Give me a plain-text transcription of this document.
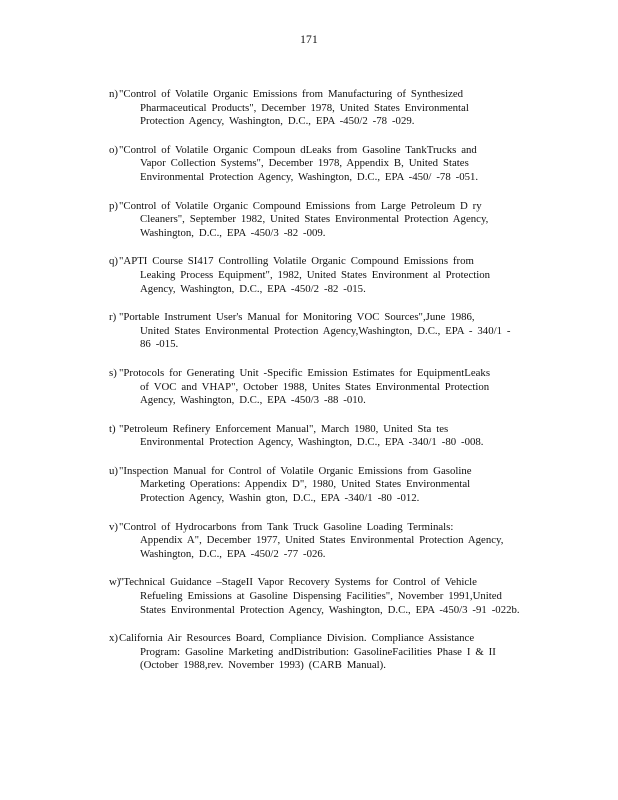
171
n) "Control of Volatile Organic Emissions from Manufacturing of Synthesized
Pharmaceutical Products", December 1978, United States Environmental
Protection Agency, Washington, D.C., EPA -450/2 -78 -029.
o) "Control of Volatile Organic Compoun dLeaks from Gasoline TankTrucks and
Vapor Collection Systems", December 1978, Appendix B, United States
Environmental Protection Agency, Washington, D.C., EPA -450/ -78 -051.
p) "Control of Volatile Organic Compound Emissions from Large Petroleum D ry
Cleaners", September 1982, United States Environmental Protection Agency,
Washington, D.C., EPA -450/3 -82 -009.
q) "APTI Course SI417 Controlling Volatile Organic Compound Emissions from
Leaking Process Equipment", 1982, United States Environment al Protection
Agency, Washington, D.C., EPA -450/2 -82 -015.
r) "Portable Instrument User's Manual for Monitoring VOC Sources",June 1986,
United States Environmental Protection Agency,Washington, D.C., EPA - 340/1 -
86 -015.
s) "Protocols for Generating Unit -Specific Emission Estimates for EquipmentLeaks
of VOC and VHAP", October 1988, Unites States Environmental Protection
Agency, Washington, D.C., EPA -450/3 -88 -010.
t) "Petroleum Refinery Enforcement Manual", March 1980, United Sta tes
Environmental Protection Agency, Washington, D.C., EPA -340/1 -80 -008.
u) "Inspection Manual for Control of Volatile Organic Emissions from Gasoline
Marketing Operations: Appendix D", 1980, United States Environmental
Protection Agency, Washin gton, D.C., EPA -340/1 -80 -012.
v) "Control of Hydrocarbons from Tank Truck Gasoline Loading Terminals:
Appendix A", December 1977, United States Environmental Protection Agency,
Washington, D.C., EPA -450/2 -77 -026.
w)
"Technical Guidance –StageII Vapor Recovery Systems for Control of Vehicle
Refueling Emissions at Gasoline Dispensing Facilities", November 1991,United
States Environmental Protection Agency, Washington, D.C., EPA -450/3 -91 -022b.
x) California Air Resources Board, Compliance Division. Compliance Assistance
Program: Gasoline Marketing andDistribution: GasolineFacilities Phase I & II
(October 1988,rev. November 1993) (CARB Manual).
